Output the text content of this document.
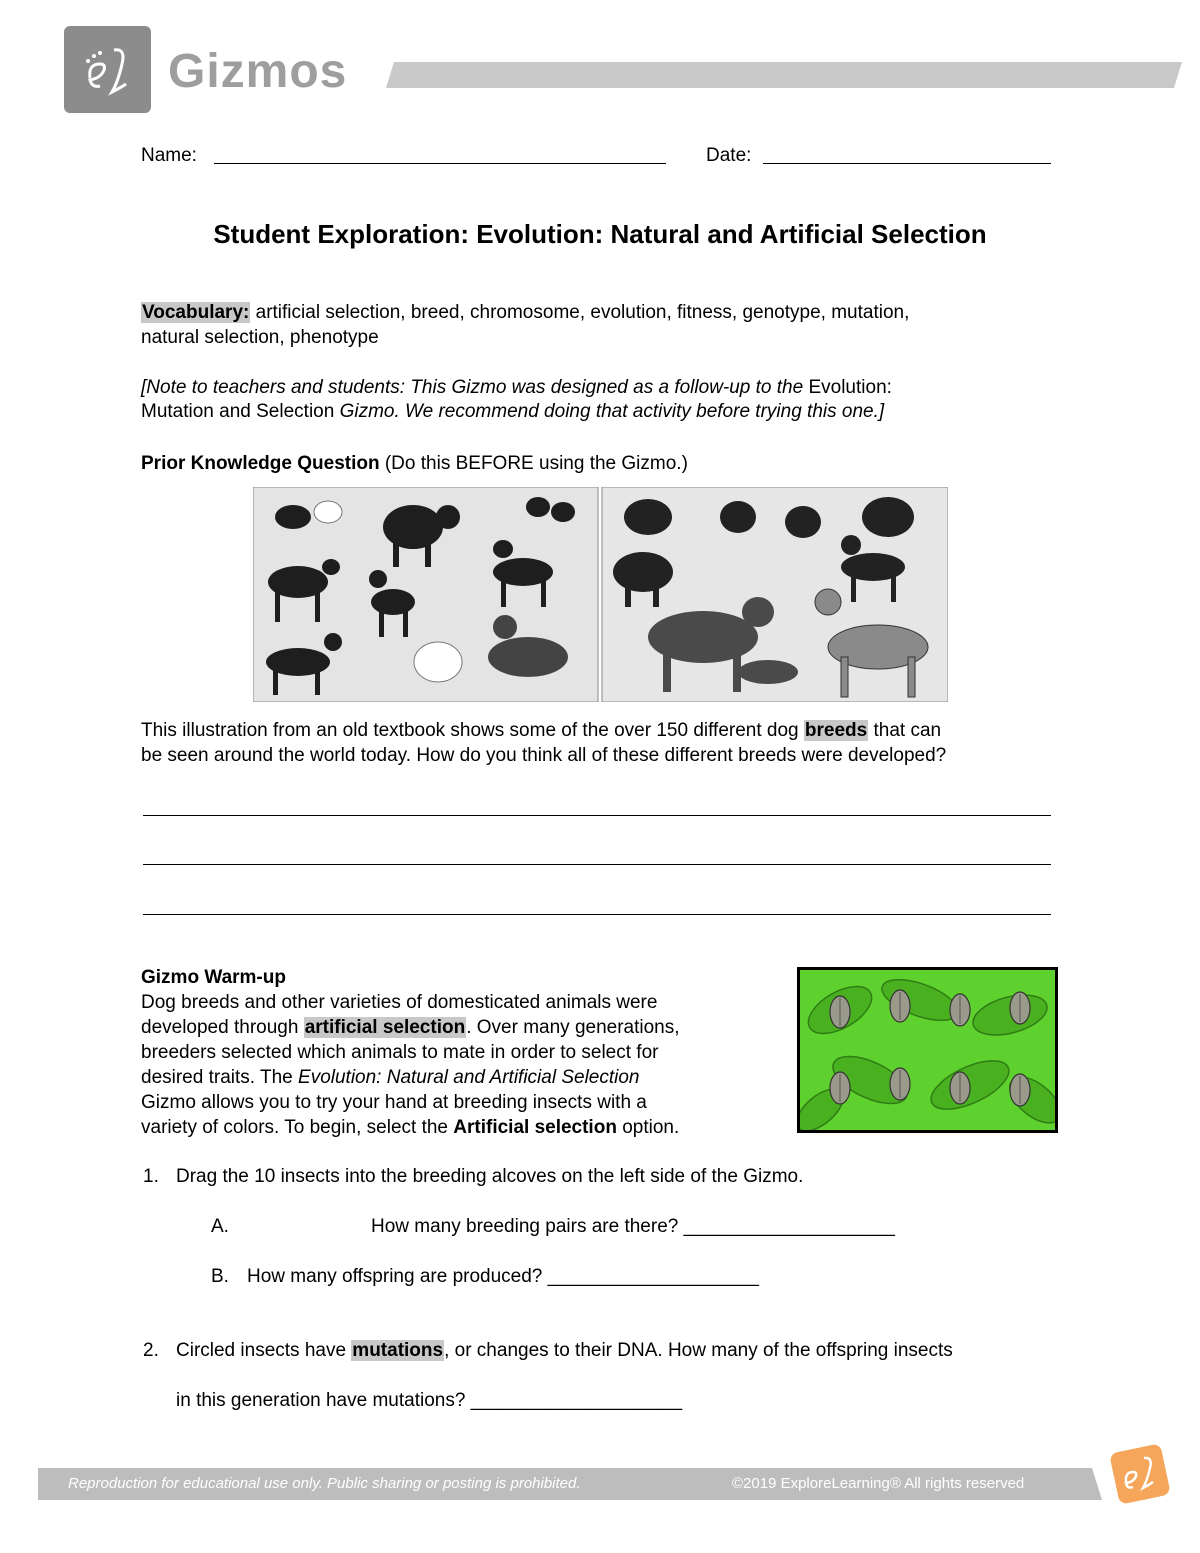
Gizmos
Name:	Date:
Student Exploration: Evolution: Natural and Artificial Selection
Vocabulary: artificial selection, breed, chromosome, evolution, fitness, genotype, mutation,
natural selection, phenotype
[Note to teachers and students: This Gizmo was designed as a follow-up to the Evolution:
Mutation and Selection Gizmo. We recommend doing that activity before trying this one.]
Prior Knowledge Question (Do this BEFORE using the Gizmo.)
This illustration from an old textbook shows some of the over 150 different dog breeds that can
be seen around the world today. How do you think all of these different breeds were developed?
Gizmo Warm-up
Dog breeds and other varieties of domesticated animals were
developed through artificial selection. Over many generations,
breeders selected which animals to mate in order to select for
desired traits. The Evolution: Natural and Artificial Selection
Gizmo allows you to try your hand at breeding insects with a
variety of colors. To begin, select the Artificial selection option.
1. Drag the 10 insects into the breeding alcoves on the left side of the Gizmo.
A.	How many breeding pairs are there? ____________________
B. How many offspring are produced? ____________________
2. Circled insects have mutations, or changes to their DNA. How many of the offspring insects
in this generation have mutations? ____________________
Reproduction for educational use only. Public sharing or posting is prohibited.	©2019 ExploreLearning® All rights reserved
